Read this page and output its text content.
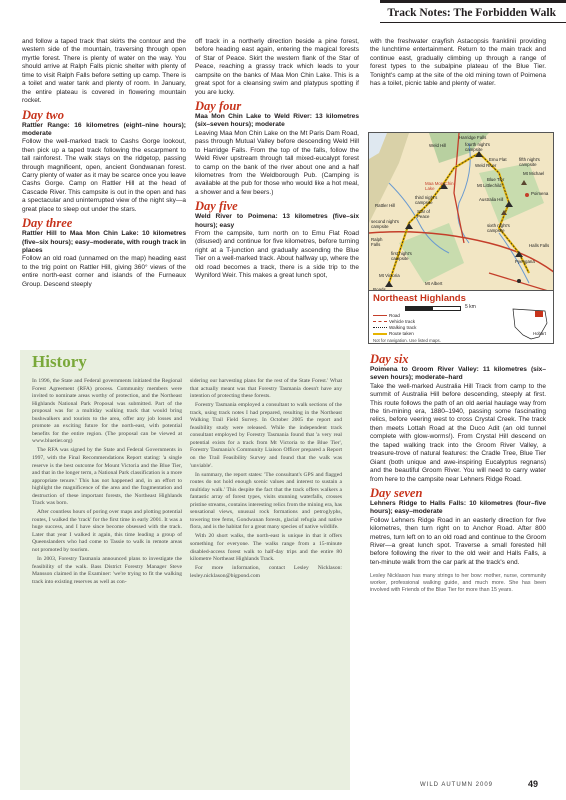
Track Notes: The Forbidden Walk

and follow a taped track that skirts the contour and the western side of the mountain, traversing through open myrtle forest. There is plenty of water on the way. You should arrive at Ralph Falls picnic shelter with plenty of time to visit Ralph Falls before setting up camp. There is a toilet and water tank and plenty of room. In January, the entire plateau is covered in flowering mountain rocket.

Day two

Rattler Range: 16 kilometres (eight–nine hours); moderate

Follow the well-marked track to Cashs Gorge lookout, then pick up a taped track following the escarpment to tall rainforest. The walk stays on the ridgetop, passing through magnificent, open, ancient Gondwanan forest. Carry plenty of water as it may be scarce once you leave Cashs Gorge. Camp on Rattler Hill at the head of Cascade River. This campsite is out in the open and has a spectacular and uninterrupted view of the night sky—a great place to sleep out under the stars.

Day three

Rattler Hill to Maa Mon Chin Lake: 10 kilometres (five–six hours); easy–moderate, with rough track in places

Follow an old road (unnamed on the map) heading east to the trig point on Rattler Hill, giving 360° views of the entire north-east corner and islands of the Furneaux Group. Descend steeply

off track in a northerly direction beside a pine forest, before heading east again, entering the magical forests of Star of Peace. Skirt the western flank of the Star of Peace, reaching a grassy track which leads to your campsite on the banks of Maa Mon Chin Lake. This is a great spot for a cleansing swim and platypus spotting if you are lucky.

Day four

Maa Mon Chin Lake to Weld River: 13 kilometres (six–seven hours); moderate

Leaving Maa Mon Chin Lake on the Mt Paris Dam Road, pass through Mutual Valley before descending Weld Hill to Harridge Falls. From the top of the falls, follow the Weld River upstream through tall mixed-eucalypt forest to camp on the bank of the river about one and a half kilometres from the Weldborough Pub. (Camping is available at the pub for those who would like a hot meal, a shower and a few beers.)

Day five

Weld River to Poimena: 13 kilometres (five–six hours); easy

From the campsite, turn north on to Emu Flat Road (disused) and continue for five kilometres, before turning right at a T-junction and gradually ascending the Blue Tier on a well-marked track. About halfway up, where the old road becomes a track, there is a side trip to the Wyniford Weir. This makes a great lunch spot,

with the freshwater crayfish Astacopsis franklinii providing the lunchtime entertainment. Return to the main track and continue east, gradually climbing up through a range of forest types to the subalpine plateau of the Blue Tier. Tonight's camp at the site of the old mining town of Poimena has a toilet, picnic table and plenty of water.

Harridge Falls
fourth night's campsite
Weld Hill
Emu Flat
Weld River
fifth night's campsite
Mt Michael
Blue Tier
Mt Littlechild
Poimena
Maa Mon Chin Lake
third night's campsite
Australia Hill
Rattler Hill
Star of Peace
second night's campsite	sixth night's campsite
Halls Falls
Pyengana
Ralph Falls
first night's campsite
Mt Victoria
Mt Albert
Northeast Highlands
5 km
Road
Vehicle track
Walking track
Route taken
Not for navigation. Use listed maps.
Hobart
History

In 1996, the State and Federal governments initiated the Regional Forest Agreement (RFA) process. Community members were invited to nominate areas worthy of protection, and the Northeast Highlands National Park Proposal was submitted. Part of the proposal was for a multiday walking track that would bring bushwalkers and tourists to the area, offer any job losses and promote an exciting future for the north-east, with potential benefits for the entire region. (The proposal can be viewed at www.bluetier.org)

The RFA was signed by the State and Federal Governments in 1997, with the Final Recommendations Report stating: 'a single reserve is the best outcome for Mount Victoria and the Blue Tier, and that in the longer term, a National Park classification is a more appropriate tenure.' This has not happened and, in an effort to highlight the magnificence of the area and the fragmentation and destruction of these important forests, the Northeast Highlands Track was born.

After countless hours of poring over maps and plotting potential routes, I walked the 'track' for the first time in early 2001. It was a huge success, and I have since become obsessed with the track. Later that year I walked it again, this time leading a group of Queenslanders who had come to Tassie to walk in remote areas not promoted by tourism.

In 2003, Forestry Tasmania announced plans to investigate the feasibility of the walk. Bass District Forestry Manager Steve Mansson claimed in the Examiner: 'we're trying to fit the walking track into existing reserves as well as con-

sidering our harvesting plans for the rest of the State Forest.' What that actually meant was that Forestry Tasmania doesn't have any intention of protecting these forests.

Forestry Tasmania employed a consultant to walk sections of the track, using track notes I had prepared, resulting in the Northeast Walking Trail Field Survey. In October 2005 the report and feasibility study were released. While the independent track consultant employed by Forestry Tasmania found that 'a very real potential exists for a track from Mt Victoria to the Blue Tier', Forestry Tasmania's Community Liaison Officer prepared a Report on the Trail Feasibility Survey and found that the walk was 'unviable'.

In summary, the report states: 'The consultant's GPS and flagged routes do not hold enough scenic values and interest to sustain a multiday walk.' This despite the fact that the track offers walkers a fantastic array of forest types, visits stunning waterfalls, crosses pristine streams, contains interesting relics from the mining era, has sensational views, unusual rock formations and petroglyphs, towering tree ferns, Gondwanan forests, glacial refugia and native flora, and is the habitat for a great many species of native wildlife.

With 20 short walks, the north-east is unique in that it offers something for everyone. The walks range from a 15-minute disabled-access forest walk to half-day trips and the entire 80 kilometre Northeast Highlands Track.

For more information, contact Lesley Nicklason: lesley.nicklason@bigpond.com

Day six

Poimena to Groom River Valley: 11 kilometres (six–seven hours); moderate–hard

Take the well-marked Australia Hill Track from camp to the summit of Australia Hill before descending, steeply at first. This route follows the path of an old aerial haulage way from the tin-mining era, 1880–1940, passing some fascinating relics, before veering west to cross Crystal Creek. The track then meets Lottah Road at the Duco Adit (an old tunnel complete with glow-worms!). From Crystal Hill descend on the taped walking track into the Groom River Valley, a treasure-trove of natural features: the Cradle Tree, Blue Tier Giant (both unique and awe-inspiring Eucalyptus regnans) and the beautiful Groom River. You will need to carry water from here to the campsite near Lehners Ridge Road.

Day seven

Lehners Ridge to Halls Falls: 10 kilometres (four–five hours); easy–moderate

Follow Lehners Ridge Road in an easterly direction for five kilometres, then turn right on to Anchor Road. After 800 metres, turn left on to an old road and continue to the Groom River—a great lunch spot. Traverse a small forested hill before following the river to the old weir and Halls Falls, a ten-minute walk from the car park at the track's end.

Lesley Nicklason has many strings to her bow: mother, nurse, community worker, professional walking guide, and much more. She has been involved with Friends of the Blue Tier for more than 15 years.

WILD AUTUMN 2009	49
